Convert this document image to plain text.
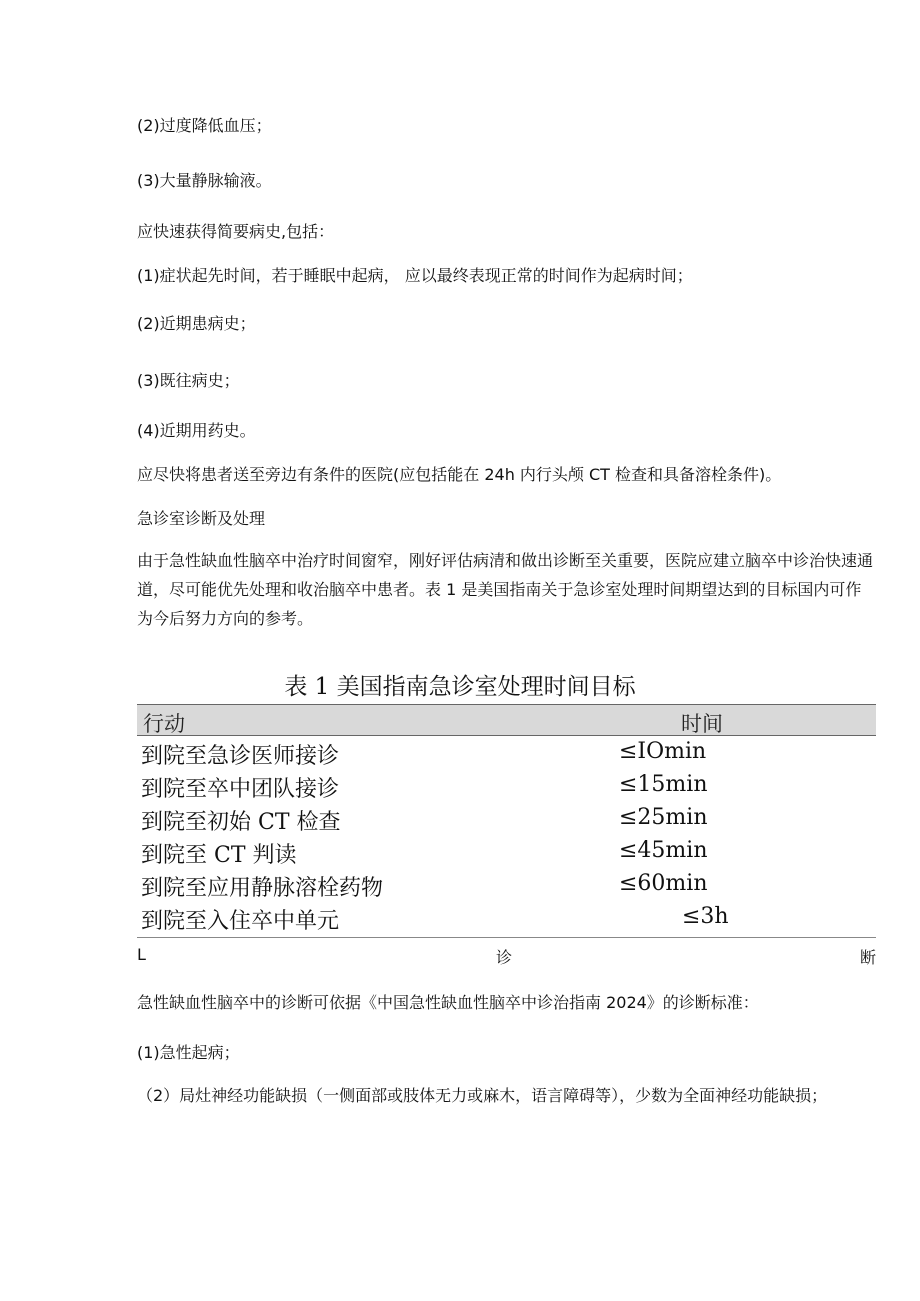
(2)过度降低血压；
(3)大量静脉输液。
应快速获得简要病史,包括：
(1)症状起先时间，若于睡眠中起病， 应以最终表现正常的时间作为起病时间；
(2)近期患病史；
(3)既往病史；
(4)近期用药史。
应尽快将患者送至旁边有条件的医院(应包括能在 24h 内行头颅 CT 检查和具备溶栓条件)。
急诊室诊断及处理
由于急性缺血性脑卒中治疗时间窗窄，刚好评估病清和做出诊断至关重要，医院应建立脑卒中诊治快速通道，尽可能优先处理和收治脑卒中患者。表 1 是美国指南关于急诊室处理时间期望达到的目标国内可作为今后努力方向的参考。
表 1 美国指南急诊室处理时间目标
行动	时间
到院至急诊医师接诊	≤IOmin
到院至卒中团队接诊	≤15min
到院至初始 CT 检查	≤25min
到院至 CT 判读	≤45min
到院至应用静脉溶栓药物	≤60min
到院至入住卒中单元	≤3h
L	诊	断
急性缺血性脑卒中的诊断可依据《中国急性缺血性脑卒中诊治指南 2024》的诊断标准：
(1)急性起病；
（2）局灶神经功能缺损（一侧面部或肢体无力或麻木，语言障碍等），少数为全面神经功能缺损；
